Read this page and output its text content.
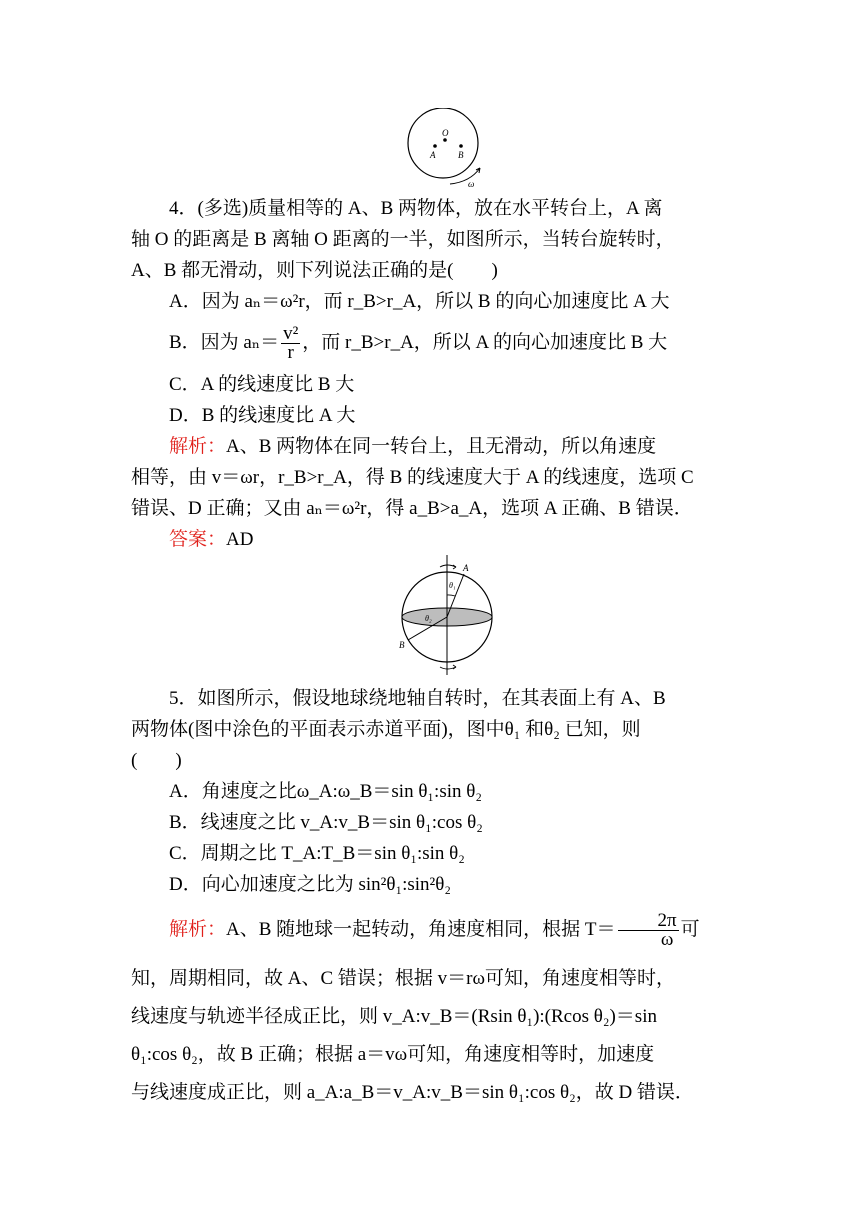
O
A	B
ω
4．(多选)质量相等的 A、B 两物体，放在水平转台上，A 离
轴 O 的距离是 B 离轴 O 距离的一半，如图所示，当转台旋转时，
A、B 都无滑动，则下列说法正确的是(　　)
A．因为 aₙ＝ω²r，而 r_B>r_A，所以 B 的向心加速度比 A 大
B．因为 $a_n= \frac{\text{v²}}{r}$ ，而 r_B>r_A，所以 A 的向心加速度比 B 大
C．A 的线速度比 B 大
D．B 的线速度比 A 大
解析：A、B 两物体在同一转台上，且无滑动，所以角速度
相等，由 v＝ωr，r_B>r_A，得 B 的线速度大于 A 的线速度，选项 C
错误、D 正确；又由 aₙ＝ω²r，得 a_B>a_A，选项 A 正确、B 错误．
答案：AD
A
B
θ₁
θ₂
5．如图所示，假设地球绕地轴自转时，在其表面上有 A、B
两物体(图中涂色的平面表示赤道平面)，图中θ₁ 和θ₂ 已知，则
(　　)
A．角速度之比ω_A:ω_B＝sin θ₁:sin θ₂
B．线速度之比 v_A:v_B＝sin θ₁:cos θ₂
C．周期之比 T_A:T_B＝sin θ₁:sin θ₂
D．向心加速度之比为 sin²θ₁:sin²θ₂
解析：A、B 随地球一起转动，角速度相同，根据 $T= \frac{2\pi}{\omega}$ 可
知，周期相同，故 A、C 错误；根据 v＝rω可知，角速度相等时，
线速度与轨迹半径成正比，则 v_A:v_B＝(Rsin θ₁):(Rcos θ₂)＝sin
θ₁:cos θ₂，故 B 正确；根据 a＝vω可知，角速度相等时，加速度
与线速度成正比，则 a_A:a_B＝v_A:v_B＝sin θ₁:cos θ₂，故 D 错误．
